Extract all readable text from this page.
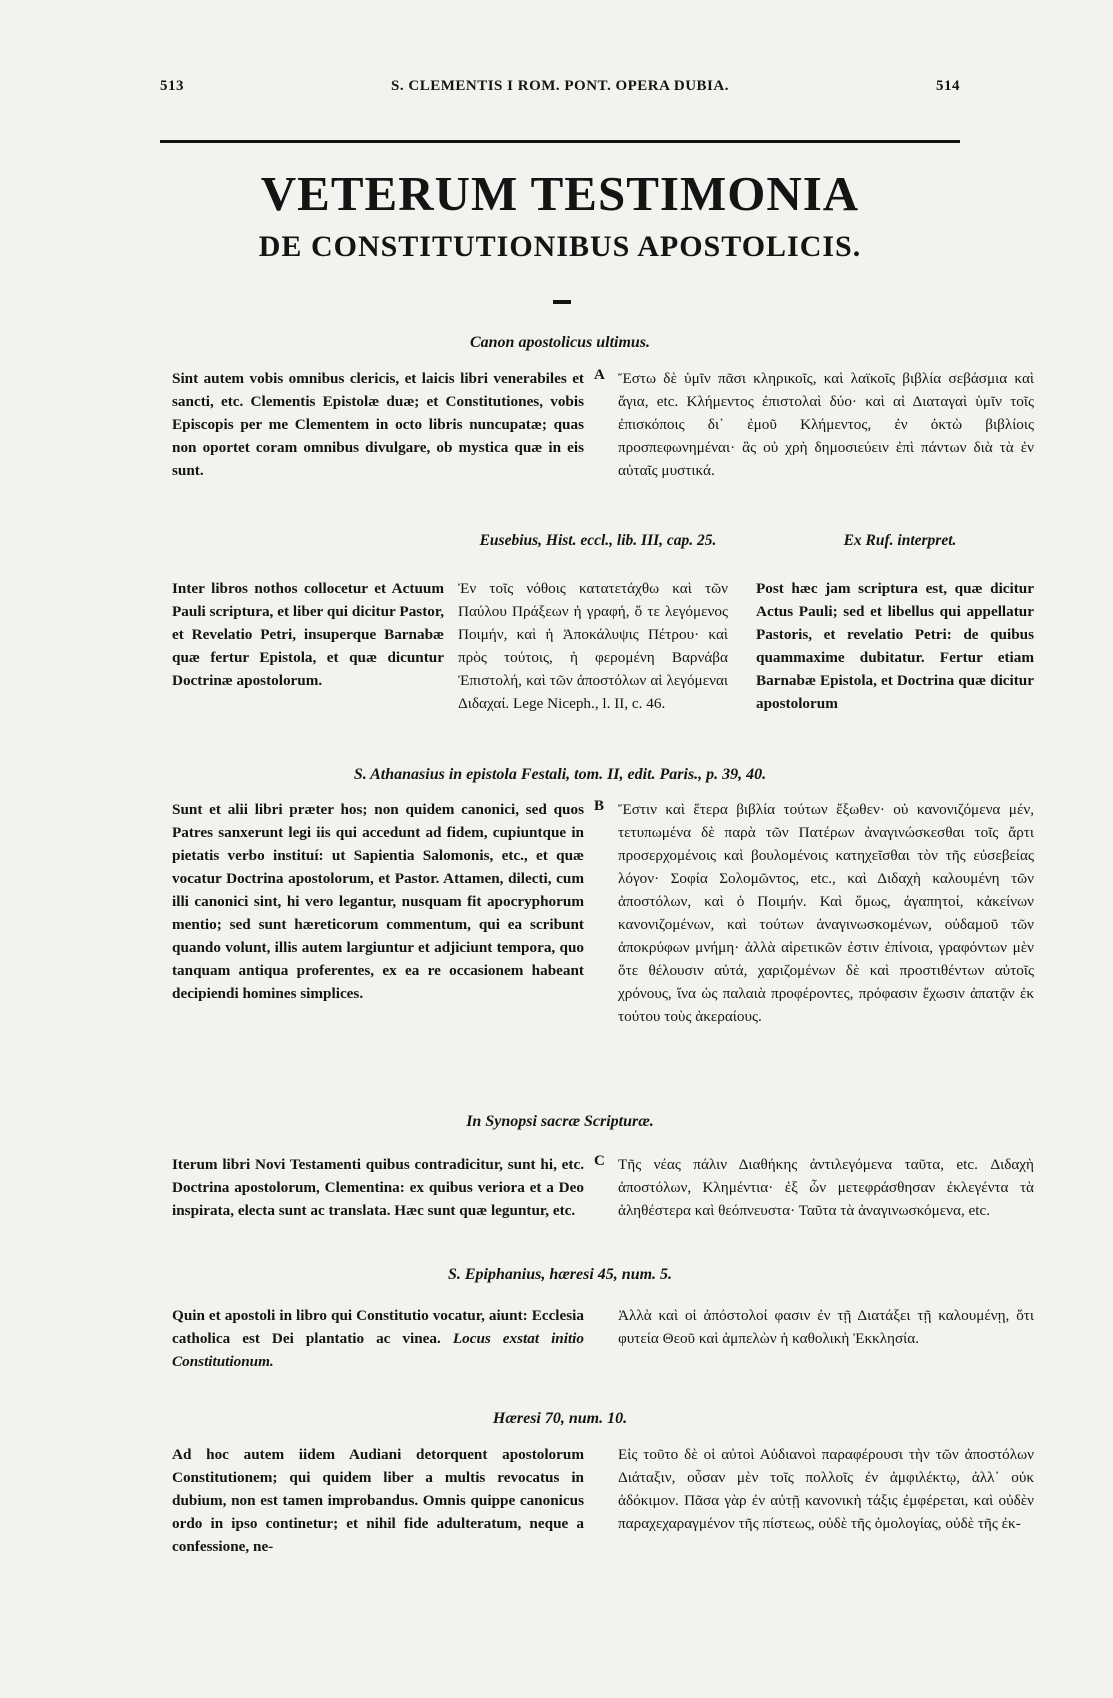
513	S. CLEMENTIS I ROM. PONT. OPERA DUBIA.	514
VETERUM TESTIMONIA
DE CONSTITUTIONIBUS APOSTOLICIS.
Canon apostolicus ultimus.
Sint autem vobis omnibus clericis, et laicis libri venerabiles et sancti, etc. Clementis Epistolæ duæ; et Constitutiones, vobis Episcopis per me Clementem in octo libris nuncupatæ; quas non oportet coram omnibus divulgare, ob mystica quæ in eis sunt.
A Ἔστω δὲ ὑμῖν πᾶσι κληρικοῖς, καὶ λαϊκοῖς βιβλία σεβάσμια καὶ ἅγια, etc. Κλήμεντος ἐπιστολαὶ δύο· καὶ αἱ Διαταγαὶ ὑμῖν τοῖς ἐπισκόποις δι᾽ ἐμοῦ Κλήμεντος, ἐν ὀκτὼ βιβλίοις προσπεφωνημέναι· ἃς οὐ χρὴ δημοσιεύειν ἐπὶ πάντων διὰ τὰ ἐν αὐταῖς μυστικά.
Eusebius, Hist. eccl., lib. III, cap. 25.	Ex Ruf. interpret.
Inter libros nothos collocetur et Actuum Pauli scriptura, et liber qui dicitur Pastor, et Revelatio Petri, insuperque Barnabæ quæ fertur Epistola, et quæ dicuntur Doctrinæ apostolorum.
Ἐν τοῖς νόθοις κατατετάχθω καὶ τῶν Παύλου Πράξεων ἡ γραφή, ὅ τε λεγόμενος Ποιμήν, καὶ ἡ Ἀποκάλυψις Πέτρου· καὶ πρὸς τούτοις, ἡ φερομένη Βαρνάβα Ἐπιστολή, καὶ τῶν ἀποστόλων αἱ λεγόμεναι Διδαχαί. Lege Niceph., l. II, c. 46.
Post hæc jam scriptura est, quæ dicitur Actus Pauli; sed et libellus qui appellatur Pastoris, et revelatio Petri: de quibus quammaxime dubitatur. Fertur etiam Barnabæ Epistola, et Doctrina quæ dicitur apostolorum
S. Athanasius in epistola Festali, tom. II, edit. Paris., p. 39, 40.
Sunt et alii libri præter hos; non quidem canonici, sed quos Patres sanxerunt legi iis qui accedunt ad fidem, cupiuntque in pietatis verbo instituí: ut Sapientia Salomonis, etc., et quæ vocatur Doctrina apostolorum, et Pastor. Attamen, dilecti, cum illi canonici sint, hi vero legantur, nusquam fit apocryphorum mentio; sed sunt hæreticorum commentum, qui ea scribunt quando volunt, illis autem largiuntur et adjiciunt tempora, quo tanquam antiqua proferentes, ex ea re occasionem habeant decipiendi homines simplices.
B Ἔστιν καὶ ἕτερα βιβλία τούτων ἔξωθεν· οὐ κανονιζόμενα μέν, τετυπωμένα δὲ παρὰ τῶν Πατέρων ἀναγινώσκεσθαι τοῖς ἄρτι προσερχομένοις καὶ βουλομένοις κατηχεῖσθαι τὸν τῆς εὐσεβείας λόγον· Σοφία Σολομῶντος, etc., καὶ Διδαχὴ καλουμένη τῶν ἀποστόλων, καὶ ὁ Ποιμήν. Καὶ ὅμως, ἀγαπητοί, κἀκείνων κανονιζομένων, καὶ τούτων ἀναγινωσκομένων, οὐδαμοῦ τῶν ἀποκρύφων μνήμη· ἀλλὰ αἱρετικῶν ἐστιν ἐπίνοια, γραφόντων μὲν ὅτε θέλουσιν αὐτά, χαριζομένων δὲ καὶ προστιθέντων αὐτοῖς χρόνους, ἵνα ὡς παλαιὰ προφέροντες, πρόφασιν ἔχωσιν ἀπατᾷν ἐκ τούτου τοὺς ἀκεραίους.
In Synopsi sacræ Scripturæ.
Iterum libri Novi Testamenti quibus contradicitur, sunt hi, etc. Doctrina apostolorum, Clementina: ex quibus veriora et a Deo inspirata, electa sunt ac translata. Hæc sunt quæ leguntur, etc.
C Τῆς νέας πάλιν Διαθήκης ἀντιλεγόμενα ταῦτα, etc. Διδαχὴ ἀποστόλων, Κλημέντια· ἐξ ὧν μετεφράσθησαν ἐκλεγέντα τὰ ἀληθέστερα καὶ θεόπνευστα· Ταῦτα τὰ ἀναγινωσκόμενα, etc.
S. Epiphanius, hæresi 45, num. 5.
Quin et apostoli in libro qui Constitutio vocatur, aiunt: Ecclesia catholica est Dei plantatio ac vinea. Locus exstat initio Constitutionum.
Ἀλλὰ καὶ οἱ ἀπόστολοί φασιν ἐν τῇ Διατάξει τῇ καλουμένῃ, ὅτι φυτεία Θεοῦ καὶ ἀμπελὼν ἡ καθολικὴ Ἐκκλησία.
Hæresi 70, num. 10.
Ad hoc autem iidem Audiani detorquent apostolorum Constitutionem; qui quidem liber a multis revocatus in dubium, non est tamen improbandus. Omnis quippe canonicus ordo in ipso continetur; et nihil fide adulteratum, neque a confessione, ne-
Εἰς τοῦτο δὲ οἱ αὐτοὶ Αὐδιανοὶ παραφέρουσι τὴν τῶν ἀποστόλων Διάταξιν, οὖσαν μὲν τοῖς πολλοῖς ἐν ἀμφιλέκτῳ, ἀλλ᾽ οὐκ ἀδόκιμον. Πᾶσα γὰρ ἐν αὐτῇ κανονικὴ τάξις ἐμφέρεται, καὶ οὐδὲν παραχεχαραγμένον τῆς πίστεως, οὐδὲ τῆς ὁμολογίας, οὐδὲ τῆς ἐκ-
